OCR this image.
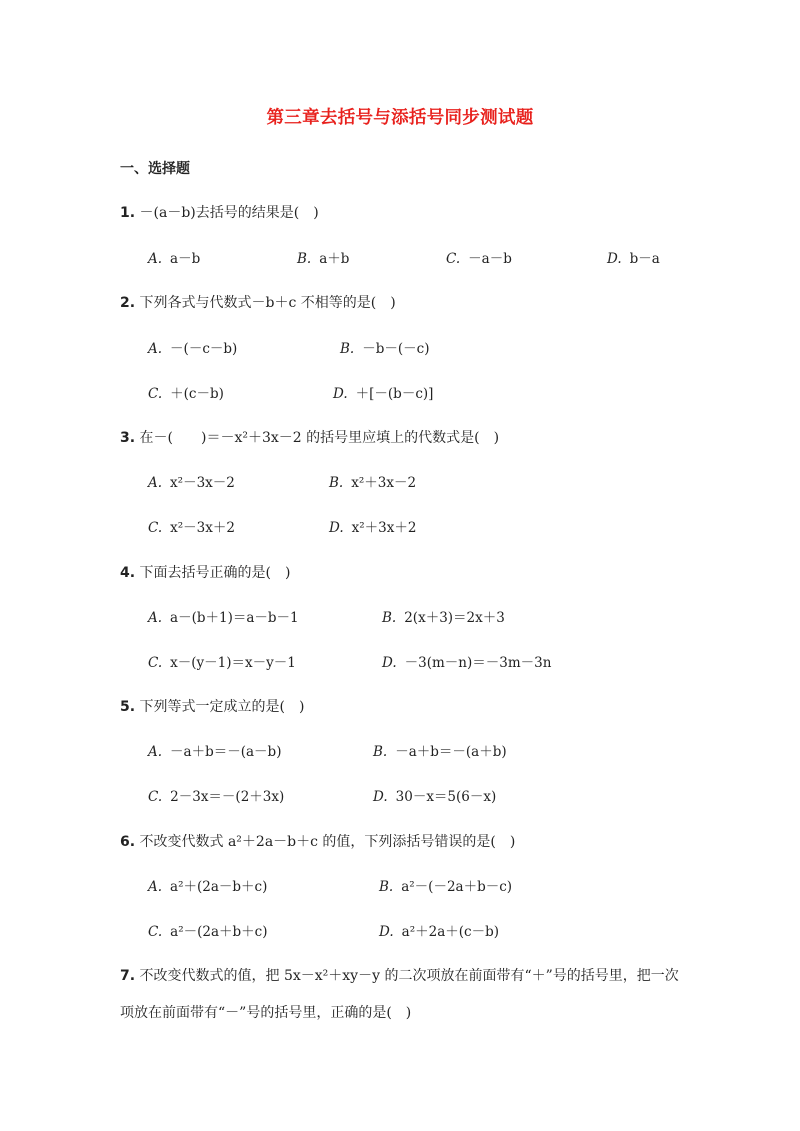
第三章去括号与添括号同步测试题
一、选择题
1. －(a－b)去括号的结果是(　)
A. a－b	B. a＋b	C. －a－b	D. b－a
2. 下列各式与代数式－b＋c 不相等的是(　)
A. －(－c－b)	B. －b－(－c)
C. ＋(c－b)	D. ＋[－(b－c)]
3. 在－(　　)＝－x²＋3x－2 的括号里应填上的代数式是(　)
A. x²－3x－2	B. x²＋3x－2
C. x²－3x＋2	D. x²＋3x＋2
4. 下面去括号正确的是(　)
A. a－(b＋1)＝a－b－1	B. 2(x＋3)＝2x＋3
C. x－(y－1)＝x－y－1	D. －3(m－n)＝－3m－3n
5. 下列等式一定成立的是(　)
A. －a＋b＝－(a－b)	B. －a＋b＝－(a＋b)
C. 2－3x＝－(2＋3x)	D. 30－x＝5(6－x)
6. 不改变代数式 a²＋2a－b＋c 的值，下列添括号错误的是(　)
A. a²＋(2a－b＋c)	B. a²－(－2a＋b－c)
C. a²－(2a＋b＋c)	D. a²＋2a＋(c－b)
7. 不改变代数式的值，把 5x－x²＋xy－y 的二次项放在前面带有“＋”号的括号里，把一次项放在前面带有“－”号的括号里，正确的是(　)
